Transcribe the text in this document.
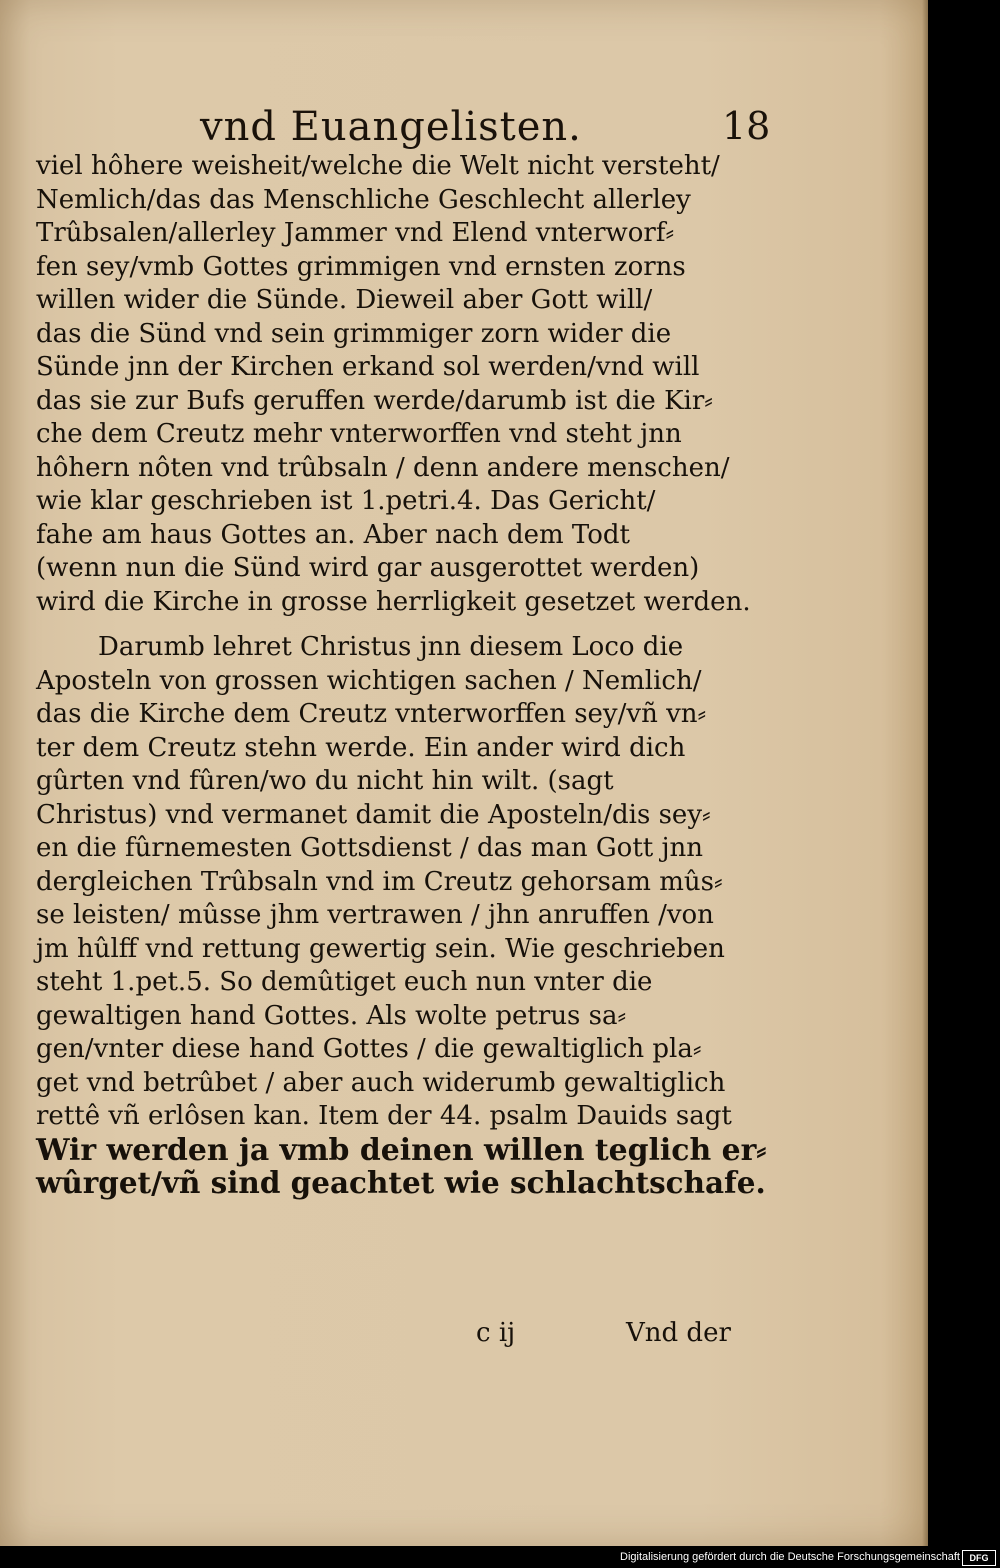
vnd Euangelisten.	18
viel hôhere weisheit/welche die Welt nicht versteht/
Nemlich/das das Menschliche Geschlecht allerley
Trûbsalen/allerley Jammer vnd Elend vnterworf⸗
fen sey/vmb Gottes grimmigen vnd ernsten zorns
willen wider die Sünde. Dieweil aber Gott will/
das die Sünd vnd sein grimmiger zorn wider die
Sünde jnn der Kirchen erkand sol werden/vnd will
das sie zur Bufs geruffen werde/darumb ist die Kir⸗
che dem Creutz mehr vnterworffen vnd steht jnn
hôhern nôten vnd trûbsaln / denn andere menschen/
wie klar geschrieben ist 1.petri.4. Das Gericht/
fahe am haus Gottes an. Aber nach dem Todt
(wenn nun die Sünd wird gar ausgerottet werden)
wird die Kirche in grosse herrligkeit gesetzet werden.
Darumb lehret Christus jnn diesem Loco die
Aposteln von grossen wichtigen sachen / Nemlich/
das die Kirche dem Creutz vnterworffen sey/vñ vn⸗
ter dem Creutz stehn werde. Ein ander wird dich
gûrten vnd fûren/wo du nicht hin wilt. (sagt
Christus) vnd vermanet damit die Aposteln/dis sey⸗
en die fûrnemesten Gottsdienst / das man Gott jnn
dergleichen Trûbsaln vnd im Creutz gehorsam mûs⸗
se leisten/ mûsse jhm vertrawen / jhn anruffen /von
jm hûlff vnd rettung gewertig sein. Wie geschrieben
steht 1.pet.5. So demûtiget euch nun vnter die
gewaltigen hand Gottes. Als wolte petrus sa⸗
gen/vnter diese hand Gottes / die gewaltiglich pla⸗
get vnd betrûbet / aber auch widerumb gewaltiglich
rettê vñ erlôsen kan. Item der 44. psalm Dauids sagt
Wir werden ja vmb deinen willen teglich er⸗
wûrget/vñ sind geachtet wie schlachtschafe.
c ij	Vnd der
Digitalisierung gefördert durch die Deutsche Forschungsgemeinschaft	DFG
